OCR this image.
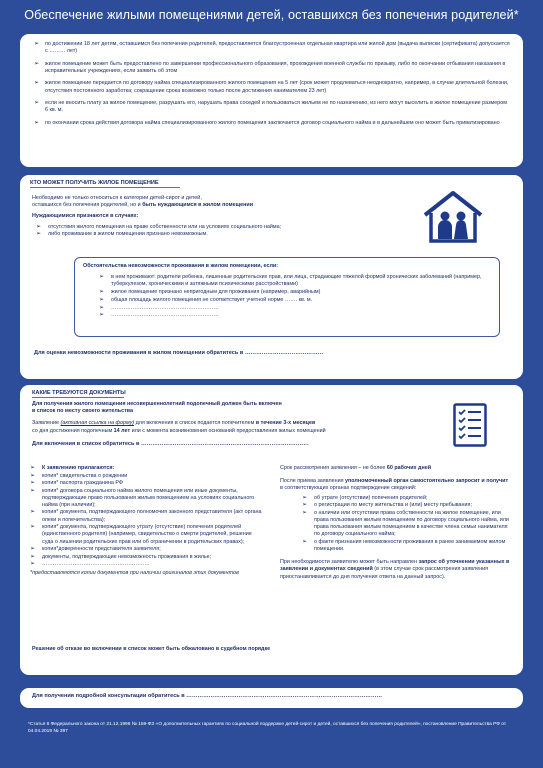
Обеспечение жилыми помещениями детей, оставшихся без попечения родителей*
➢	по достижении 18 лет детям, оставшимся без попечения родителей, предоставляется благоустроенная отдельная квартира или жилой дом (выдача выписки (сертификата) допускается с ……… лет)
➢	жилое помещение может быть предоставлено по завершении профессионального образования, прохождения военной службы по призыву, либо по окончании отбывания наказания в исправительных учреждениях, если заявить об этом
➢	жилое помещение передается по договору найма специализированного жилого помещения на 5 лет (срок может продлеваться неоднократно, например, в случае длительной болезни, отсутствия постоянного заработка; сокращение срока возможно только после достижения нанимателем 23 лет)
➢	если не вносить плату за жилое помещение, разрушать его, нарушать права соседей и пользоваться жильем не по назначению, из него могут выселить в жилое помещение размером 6 кв. м.
➢	по окончании срока действия договора найма специализированного жилого помещения заключается договор социального найма и в дальнейшем оно может быть приватизировано
КТО МОЖЕТ ПОЛУЧИТЬ ЖИЛОЕ ПОМЕЩЕНИЕ
Необходимо не только относиться к категории детей-сирот и детей,
оставшихся без попечения родителей, но и быть нуждающимся в жилом помещении
Нуждающимися признаются в случаях:
➢	отсутствия жилого помещения на праве собственности или на условиях социального найма;
➢	либо проживание в жилом помещении признано невозможным.
Обстоятельства невозможности проживания в жилом помещении, если:
➢	в нем проживают: родители ребенка, лишенные родительских прав, или лица, страдающие тяжелой формой хронических заболеваний (например, туберкулезом, хроническими и затяжными психическими расстройствами)
➢	жилое помещение признано непригодным для проживания (например, аварийным)
➢	общая площадь жилого помещения не соответствует учетной норме ……. кв. м.
➢	……………………………………………………
➢	……………………………………………………
Для оценки невозможности проживания в жилом помещении обратитесь в ……………………………………
КАКИЕ ТРЕБУЮТСЯ ДОКУМЕНТЫ
Для получения жилого помещения несовершеннолетний подопечный должен быть включен
в список по месту своего жительства
Заявление (активная ссылка на форму) для включения в список подается попечителем в течение 3-х месяцев
со дня достижения подопечным 14 лет или с момента возникновения оснований предоставления жилых помещений
Для включения в список обратитесь в ………………………………………………………………………………
➢	К заявлению прилагаются:
➢	копия* свидетельства о рождении
➢	копия* паспорта гражданина РФ
➢	копия* договора социального найма жилого помещения или иные документы, подтверждающие право пользования жилым помещением на условиях социального найма (при наличии);
➢	копия* документа, подтверждающего полномочия законного представителя (акт органа опеки и попечительства);
➢	копия* документа, подтверждающего утрату (отсутствие) попечения родителей (единственного родителя) (например, свидетельство о смерти родителей, решение суда о лишении родительских прав или об ограничении в родительских правах);
➢	копия*доверенности представителя заявителя;
➢	документы, подтверждающие невозможность проживания в жилье;
➢	……………………………………………………
*предоставляются копии документов при наличии оригиналов этих документов
Срок рассмотрения заявления – не более 60 рабочих дней
После приема заявления уполномоченный орган самостоятельно запросит и получит в соответствующих органах подтверждение сведений:
➢	об утрате (отсутствии) попечения родителей;
➢	о регистрации по месту жительства и (или) месту пребывания;
➢	о наличии или отсутствии права собственности на жилое помещение, или права пользования жилым помещением по договору социального найма, или права пользования жилым помещением в качестве члена семьи нанимателя по договору социального найма;
➢	о факте признания невозможности проживания в ранее занимаемом жилом помещении.
При необходимости заявителю может быть направлен запрос об уточнении указанных в заявлении и документах сведений (в этом случае срок рассмотрения заявления приостанавливается до дня получения ответа на данный запрос).
Решение об отказе во включении в список может быть обжаловано в судебном порядке
Для получения подробной консультации обратитесь в ……………………………………………………………………………………………
*Статья 8 Федерального закона от 21.12.1996 № 159-ФЗ «О дополнительных гарантиях по социальной поддержке детей-сирот и детей, оставшихся без попечения родителей», постановление Правительства РФ от 04.04.2019 № 397
